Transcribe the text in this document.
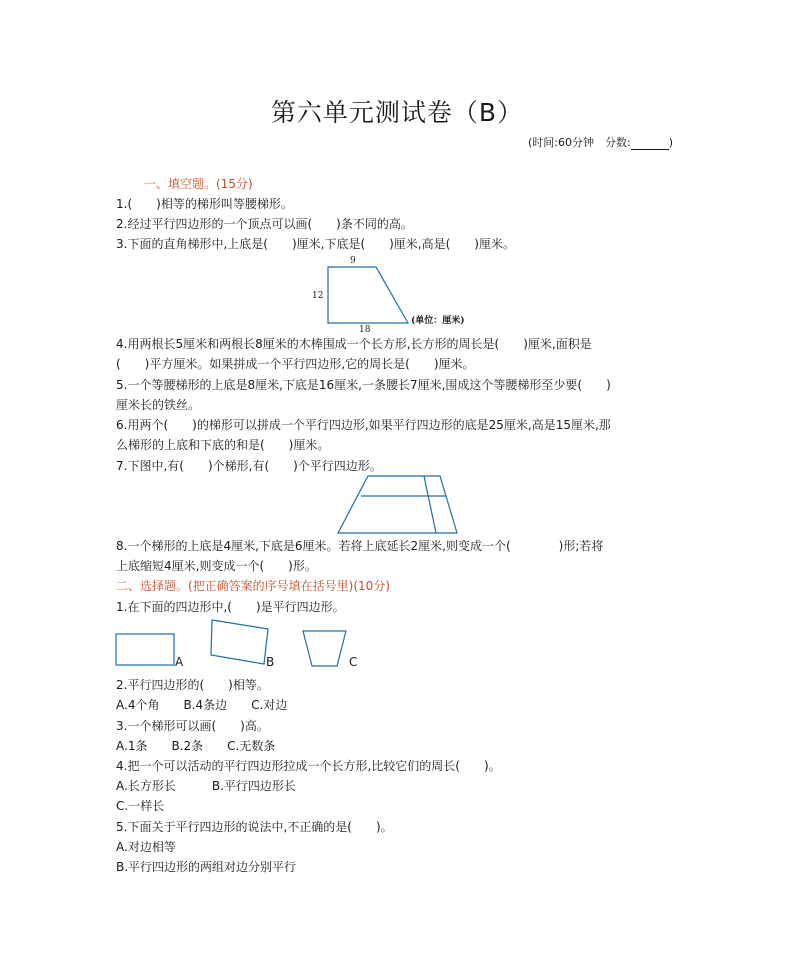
第六单元测试卷（B）
(时间:60分钟　分数:	)
一、填空题。(15分)
1.(　　)相等的梯形叫等腰梯形。
2.经过平行四边形的一个顶点可以画(　　)条不同的高。
3.下面的直角梯形中,上底是(　　)厘米,下底是(　　)厘米,高是(　　)厘米。
9
12
18
(单位：厘米)
4.用两根长5厘米和两根长8厘米的木棒围成一个长方形,长方形的周长是(　　)厘米,面积是
(　　)平方厘米。如果拼成一个平行四边形,它的周长是(　　)厘米。
5.一个等腰梯形的上底是8厘米,下底是16厘米,一条腰长7厘米,围成这个等腰梯形至少要(　　)
厘米长的铁丝。
6.用两个(　　)的梯形可以拼成一个平行四边形,如果平行四边形的底是25厘米,高是15厘米,那
么梯形的上底和下底的和是(　　)厘米。
7.下图中,有(　　)个梯形,有(　　)个平行四边形。
8.一个梯形的上底是4厘米,下底是6厘米。若将上底延长2厘米,则变成一个(　　　　)形;若将
上底缩短4厘米,则变成一个(　　)形。
二、选择题。(把正确答案的序号填在括号里)(10分)
1.在下面的四边形中,(　　)是平行四边形。
A	B	C
2.平行四边形的(　　)相等。
A.4个角　　B.4条边　　C.对边
3.一个梯形可以画(　　)高。
A.1条　　B.2条　　C.无数条
4.把一个可以活动的平行四边形拉成一个长方形,比较它们的周长(　　)。
A.长方形长　　　B.平行四边形长
C.一样长
5.下面关于平行四边形的说法中,不正确的是(　　)。
A.对边相等
B.平行四边形的两组对边分别平行
